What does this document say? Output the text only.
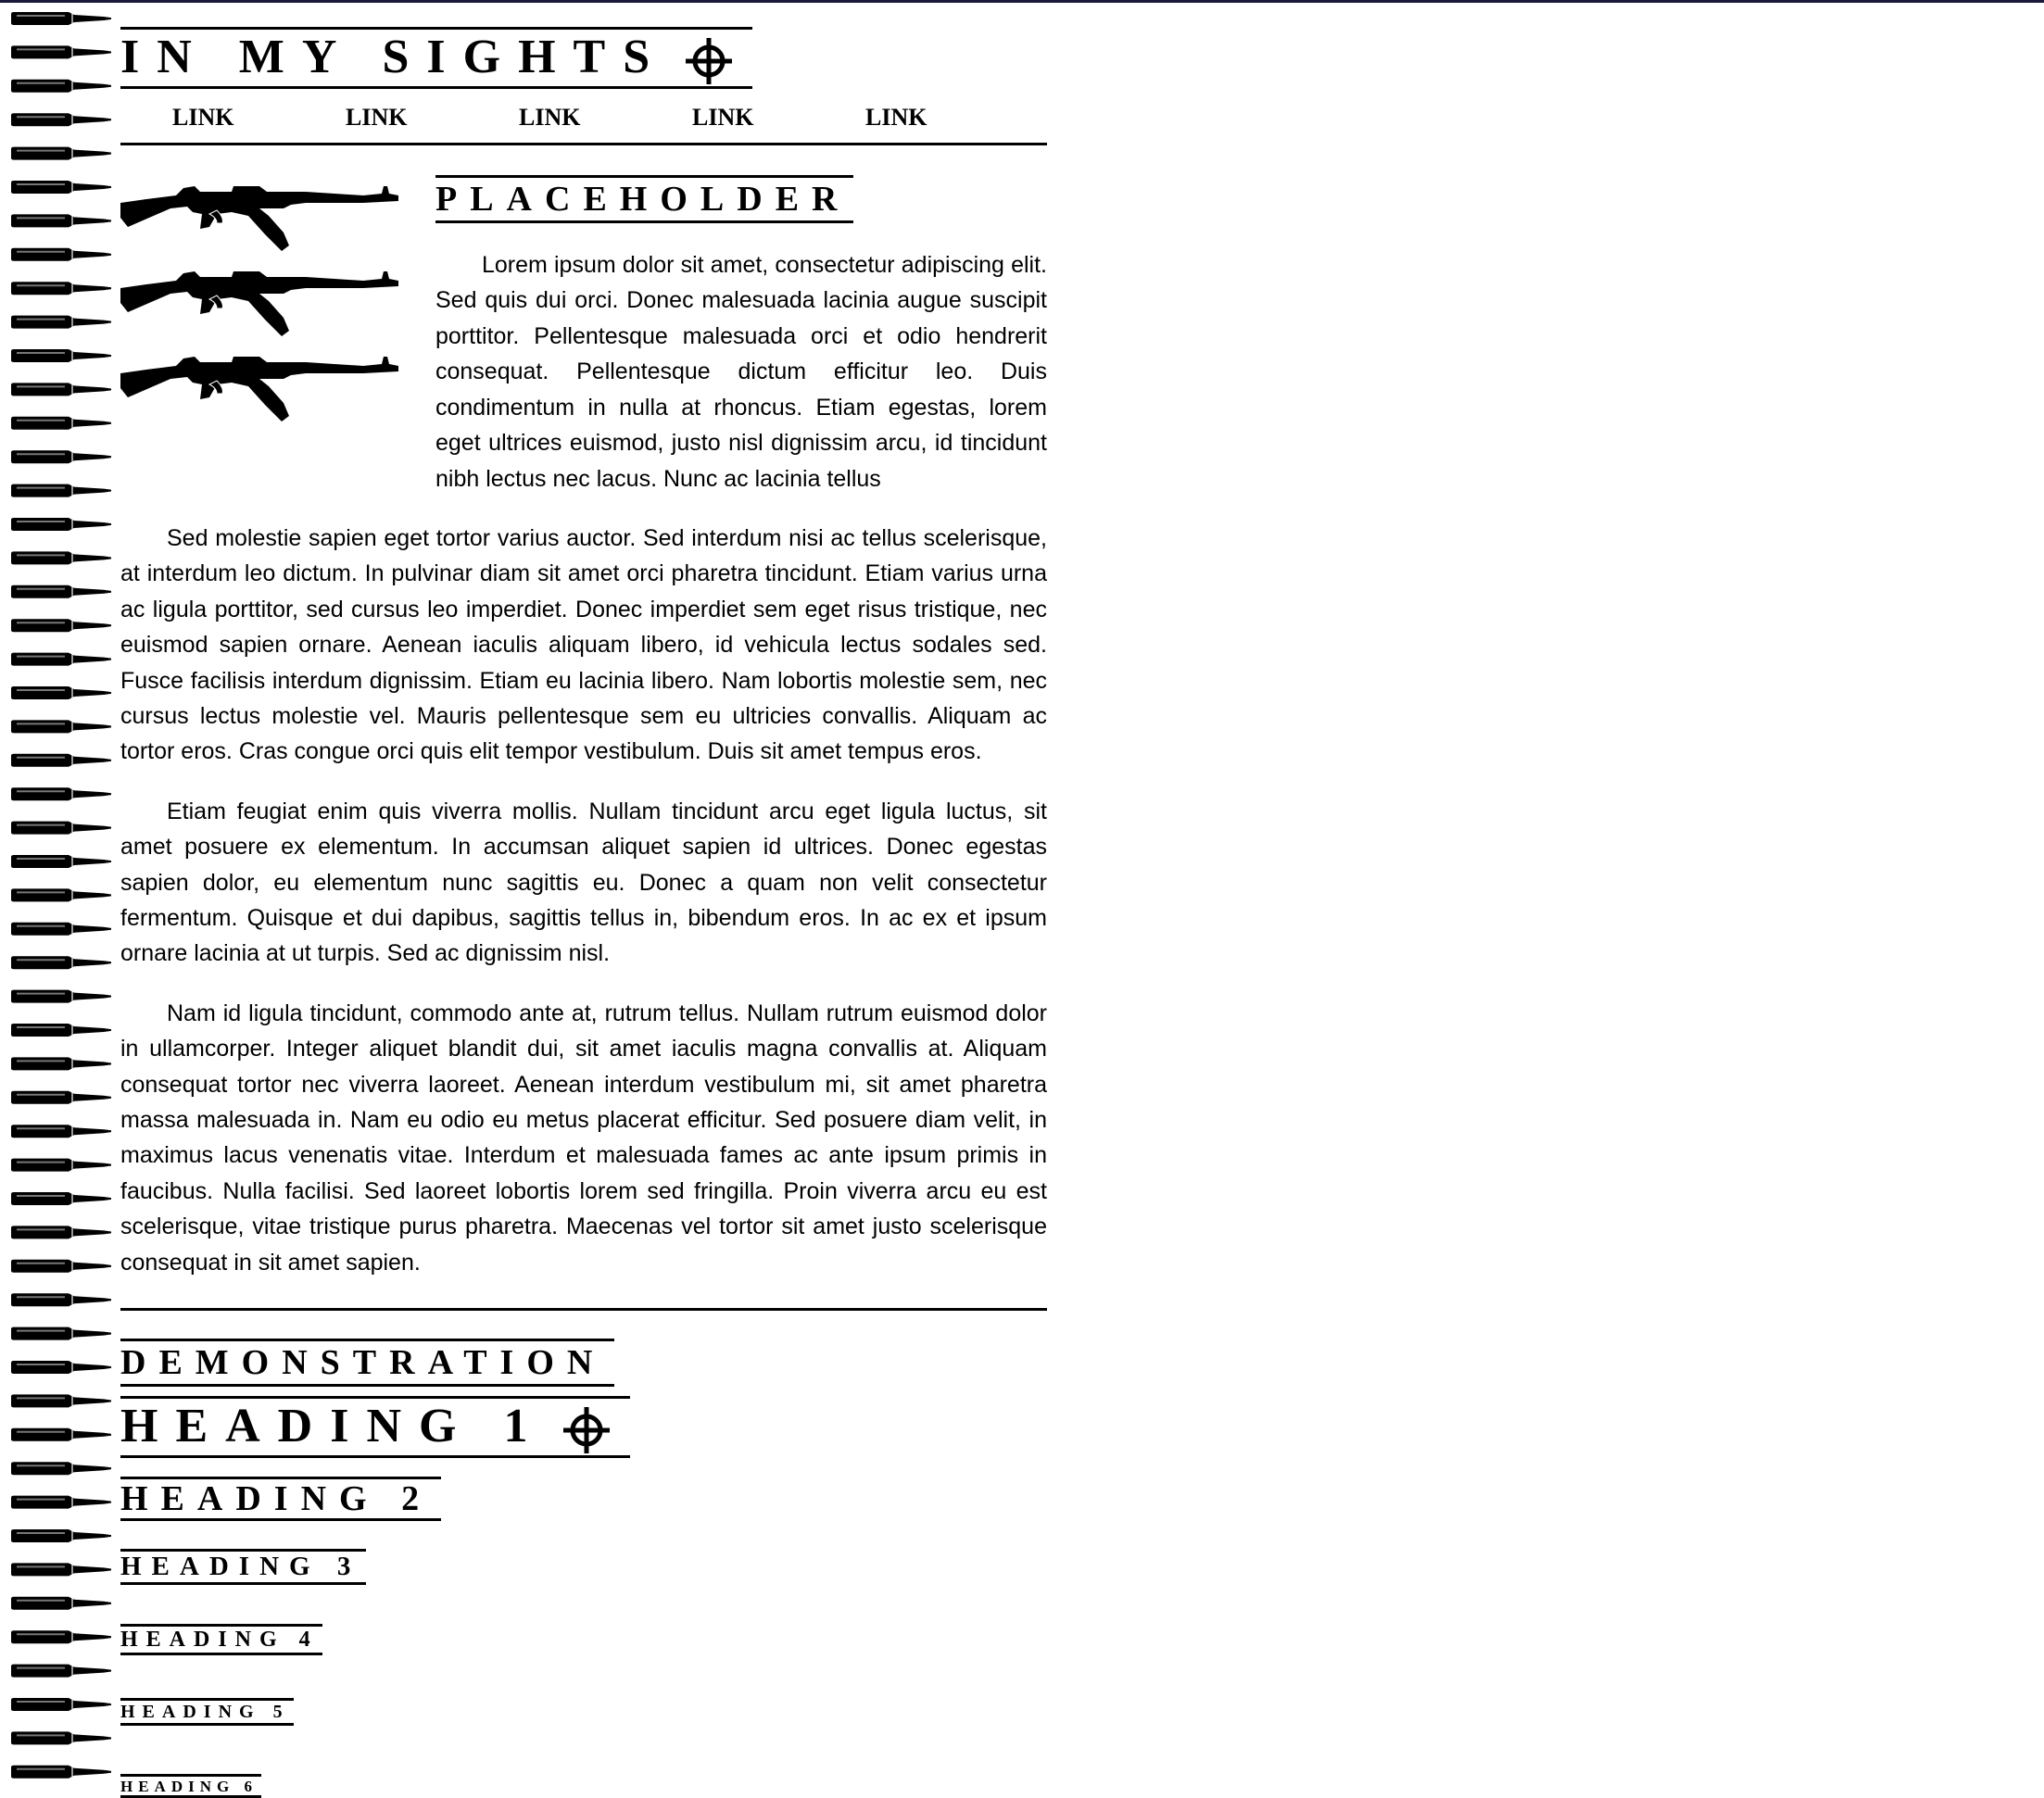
IN MY SIGHTS
LINK	LINK	LINK	LINK	LINK
PLACEHOLDER

Lorem ipsum dolor sit amet, consectetur adipiscing elit. Sed quis dui orci. Donec malesuada lacinia augue suscipit porttitor. Pellentesque malesuada orci et odio hendrerit consequat. Pellentesque dictum efficitur leo. Duis condimentum in nulla at rhoncus. Etiam egestas, lorem eget ultrices euismod, justo nisl dignissim arcu, id tincidunt nibh lectus nec lacus. Nunc ac lacinia tellus

Sed molestie sapien eget tortor varius auctor. Sed interdum nisi ac tellus scelerisque, at interdum leo dictum. In pulvinar diam sit amet orci pharetra tincidunt. Etiam varius urna ac ligula porttitor, sed cursus leo imperdiet. Donec imperdiet sem eget risus tristique, nec euismod sapien ornare. Aenean iaculis aliquam libero, id vehicula lectus sodales sed. Fusce facilisis interdum dignissim. Etiam eu lacinia libero. Nam lobortis molestie sem, nec cursus lectus molestie vel. Mauris pellentesque sem eu ultricies convallis. Aliquam ac tortor eros. Cras congue orci quis elit tempor vestibulum. Duis sit amet tempus eros.

Etiam feugiat enim quis viverra mollis. Nullam tincidunt arcu eget ligula luctus, sit amet posuere ex elementum. In accumsan aliquet sapien id ultrices. Donec egestas sapien dolor, eu elementum nunc sagittis eu. Donec a quam non velit consectetur fermentum. Quisque et dui dapibus, sagittis tellus in, bibendum eros. In ac ex et ipsum ornare lacinia at ut turpis. Sed ac dignissim nisl.

Nam id ligula tincidunt, commodo ante at, rutrum tellus. Nullam rutrum euismod dolor in ullamcorper. Integer aliquet blandit dui, sit amet iaculis magna convallis at. Aliquam consequat tortor nec viverra laoreet. Aenean interdum vestibulum mi, sit amet pharetra massa malesuada in. Nam eu odio eu metus placerat efficitur. Sed posuere diam velit, in maximus lacus venenatis vitae. Interdum et malesuada fames ac ante ipsum primis in faucibus. Nulla facilisi. Sed laoreet lobortis lorem sed fringilla. Proin viverra arcu eu est scelerisque, vitae tristique purus pharetra. Maecenas vel tortor sit amet justo scelerisque consequat in sit amet sapien.

DEMONSTRATION
HEADING 1
HEADING 2
HEADING 3
HEADING 4
HEADING 5
HEADING 6
